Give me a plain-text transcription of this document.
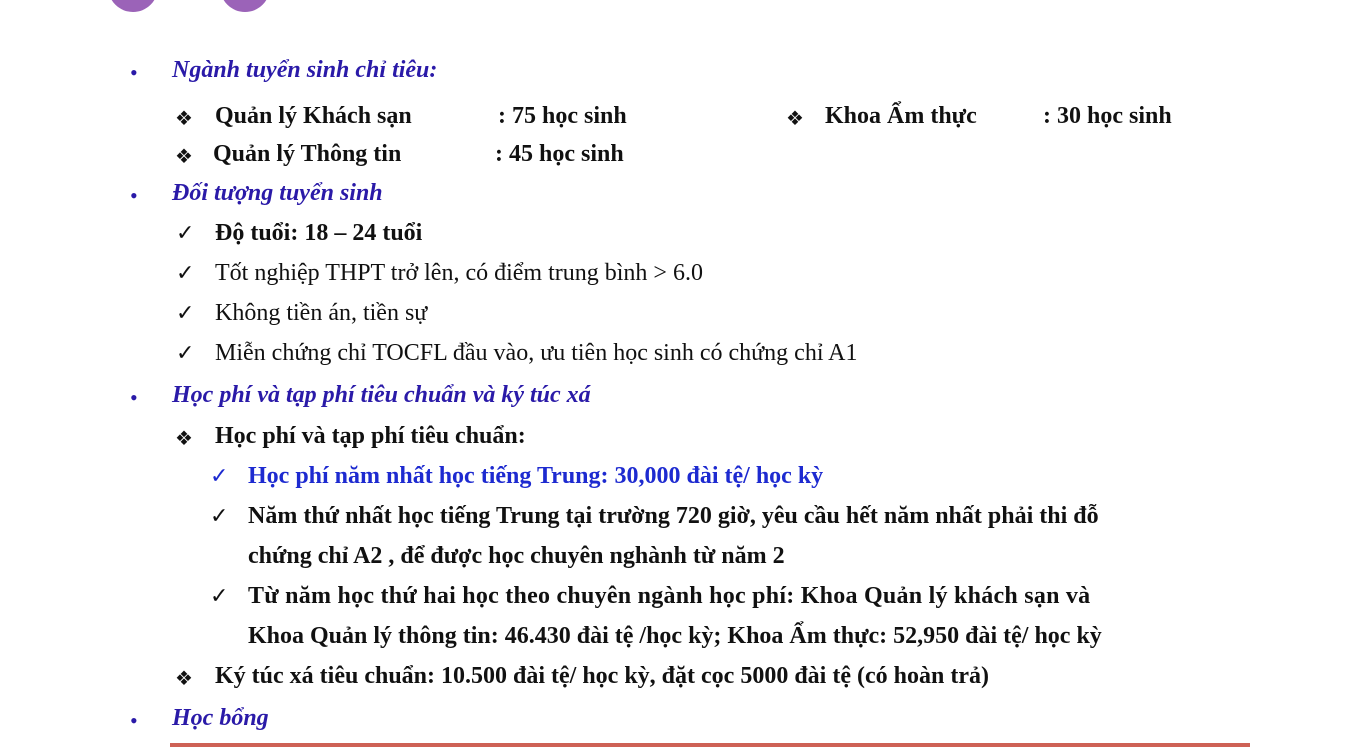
• Ngành tuyển sinh chỉ tiêu:
❖ Quản lý Khách sạn	: 75 học sinh	❖ Khoa Ẩm thực	: 30 học sinh
❖ Quản lý Thông tin	: 45 học sinh
• Đối tượng tuyển sinh
✓ Độ tuổi: 18 – 24 tuổi
✓ Tốt nghiệp THPT trở lên, có điểm trung bình > 6.0
✓ Không tiền án, tiền sự
✓ Miễn chứng chỉ TOCFL đầu vào, ưu tiên học sinh có chứng chỉ A1
• Học phí và tạp phí tiêu chuẩn và ký túc xá
❖ Học phí và tạp phí tiêu chuẩn:
✓ Học phí năm nhất học tiếng Trung: 30,000 đài tệ/ học kỳ
✓ Năm thứ nhất học tiếng Trung tại trường 720 giờ, yêu cầu hết năm nhất phải thi đỗ
chứng chỉ A2 , để được học chuyên nghành từ năm 2
✓ Từ năm học thứ hai học theo chuyên ngành học phí: Khoa Quản lý khách sạn và
Khoa Quản lý thông tin: 46.430 đài tệ /học kỳ; Khoa Ẩm thực: 52,950 đài tệ/ học kỳ
❖ Ký túc xá tiêu chuẩn: 10.500 đài tệ/ học kỳ, đặt cọc 5000 đài tệ (có hoàn trả)
• Học bổng
